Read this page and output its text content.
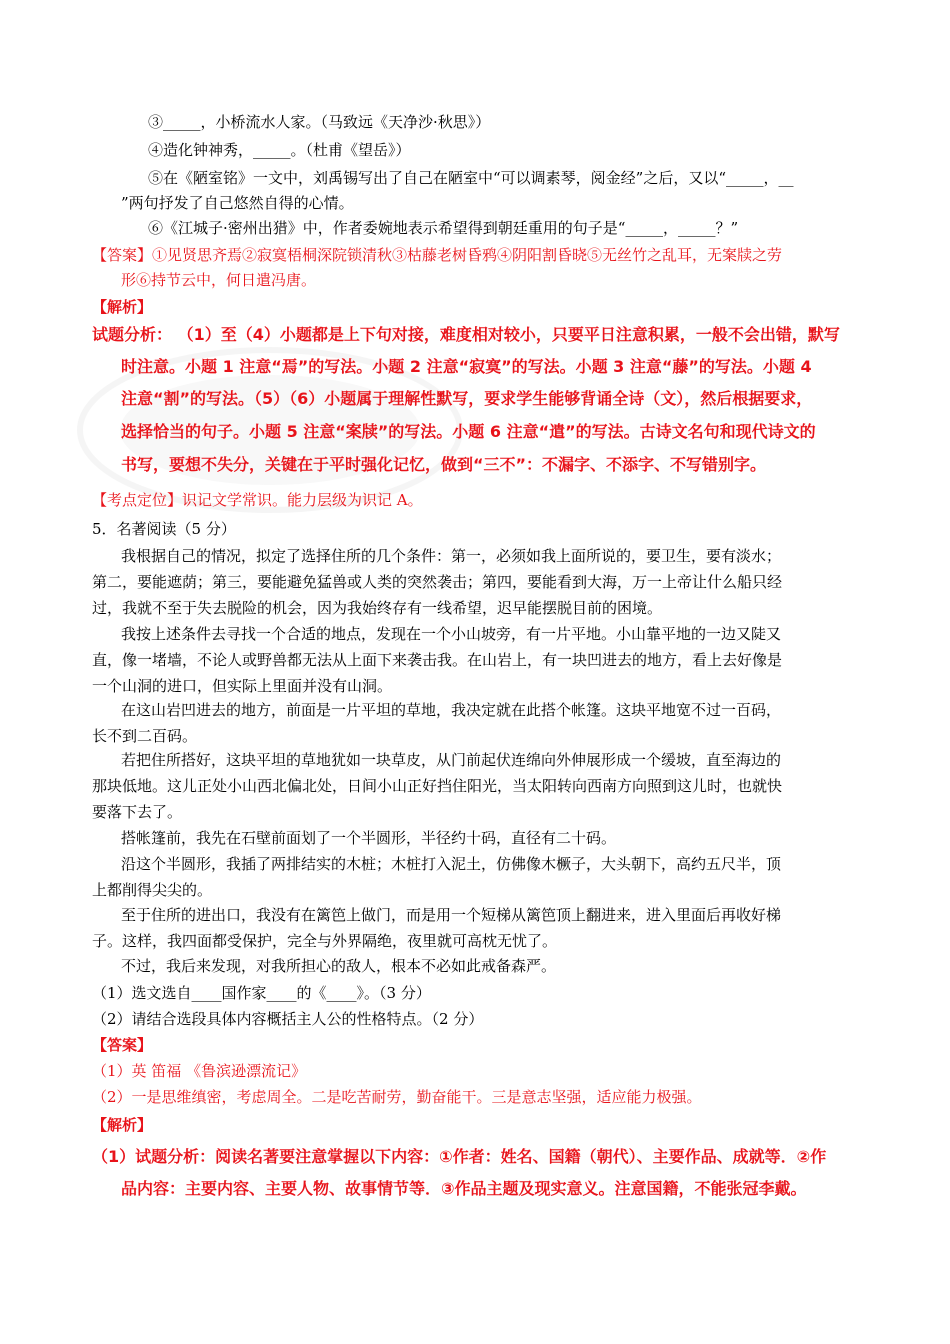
③_____，小桥流水人家。（马致远《天净沙·秋思》）
④造化钟神秀，_____。（杜甫《望岳》）
⑤在《陋室铭》一文中，刘禹锡写出了自己在陋室中“可以调素琴，阅金经”之后，又以“_____，__
”两句抒发了自己悠然自得的心情。
⑥《江城子·密州出猎》中，作者委婉地表示希望得到朝廷重用的句子是“_____，_____？”
【答案】①见贤思齐焉②寂寞梧桐深院锁清秋③枯藤老树昏鸦④阴阳割昏晓⑤无丝竹之乱耳，无案牍之劳
形⑥持节云中，何日遣冯唐。
【解析】
试题分析： （1）至（4）小题都是上下句对接，难度相对较小，只要平日注意积累，一般不会出错，默写
时注意。小题 1 注意“焉”的写法。小题 2 注意“寂寞”的写法。小题 3 注意“藤”的写法。小题 4
注意“割”的写法。（5）（6）小题属于理解性默写，要求学生能够背诵全诗（文），然后根据要求，
选择恰当的句子。小题 5 注意“案牍”的写法。小题 6 注意“遣”的写法。古诗文名句和现代诗文的
书写，要想不失分，关键在于平时强化记忆，做到“三不”：不漏字、不添字、不写错别字。
【考点定位】识记文学常识。能力层级为识记 A。
5．名著阅读（5 分）
我根据自己的情况，拟定了选择住所的几个条件：第一，必须如我上面所说的，要卫生，要有淡水；
第二，要能遮荫；第三，要能避免猛兽或人类的突然袭击；第四，要能看到大海，万一上帝让什么船只经
过，我就不至于失去脱险的机会，因为我始终存有一线希望，迟早能摆脱目前的困境。
我按上述条件去寻找一个合适的地点，发现在一个小山坡旁，有一片平地。小山靠平地的一边又陡又
直，像一堵墙，不论人或野兽都无法从上面下来袭击我。在山岩上，有一块凹进去的地方，看上去好像是
一个山洞的进口，但实际上里面并没有山洞。
在这山岩凹进去的地方，前面是一片平坦的草地，我决定就在此搭个帐篷。这块平地宽不过一百码，
长不到二百码。
若把住所搭好，这块平坦的草地犹如一块草皮，从门前起伏连绵向外伸展形成一个缓坡，直至海边的
那块低地。这儿正处小山西北偏北处，日间小山正好挡住阳光，当太阳转向西南方向照到这儿时，也就快
要落下去了。
搭帐篷前，我先在石壁前面划了一个半圆形，半径约十码，直径有二十码。
沿这个半圆形，我插了两排结实的木桩；木桩打入泥土，仿佛像木橛子，大头朝下，高约五尺半，顶
上都削得尖尖的。
至于住所的进出口，我没有在篱笆上做门，而是用一个短梯从篱笆顶上翻进来，进入里面后再收好梯
子。这样，我四面都受保护，完全与外界隔绝，夜里就可高枕无忧了。
不过，我后来发现，对我所担心的敌人，根本不必如此戒备森严。
（1）选文选自____国作家____的《____》。（3 分）
（2）请结合选段具体内容概括主人公的性格特点。（2 分）
【答案】
（1）英 笛福 《鲁滨逊漂流记》
（2）一是思维缜密，考虑周全。二是吃苦耐劳，勤奋能干。三是意志坚强，适应能力极强。
【解析】
（1）试题分析：阅读名著要注意掌握以下内容：①作者：姓名、国籍（朝代）、主要作品、成就等．②作
品内容：主要内容、主要人物、故事情节等．③作品主题及现实意义。注意国籍，不能张冠李戴。
